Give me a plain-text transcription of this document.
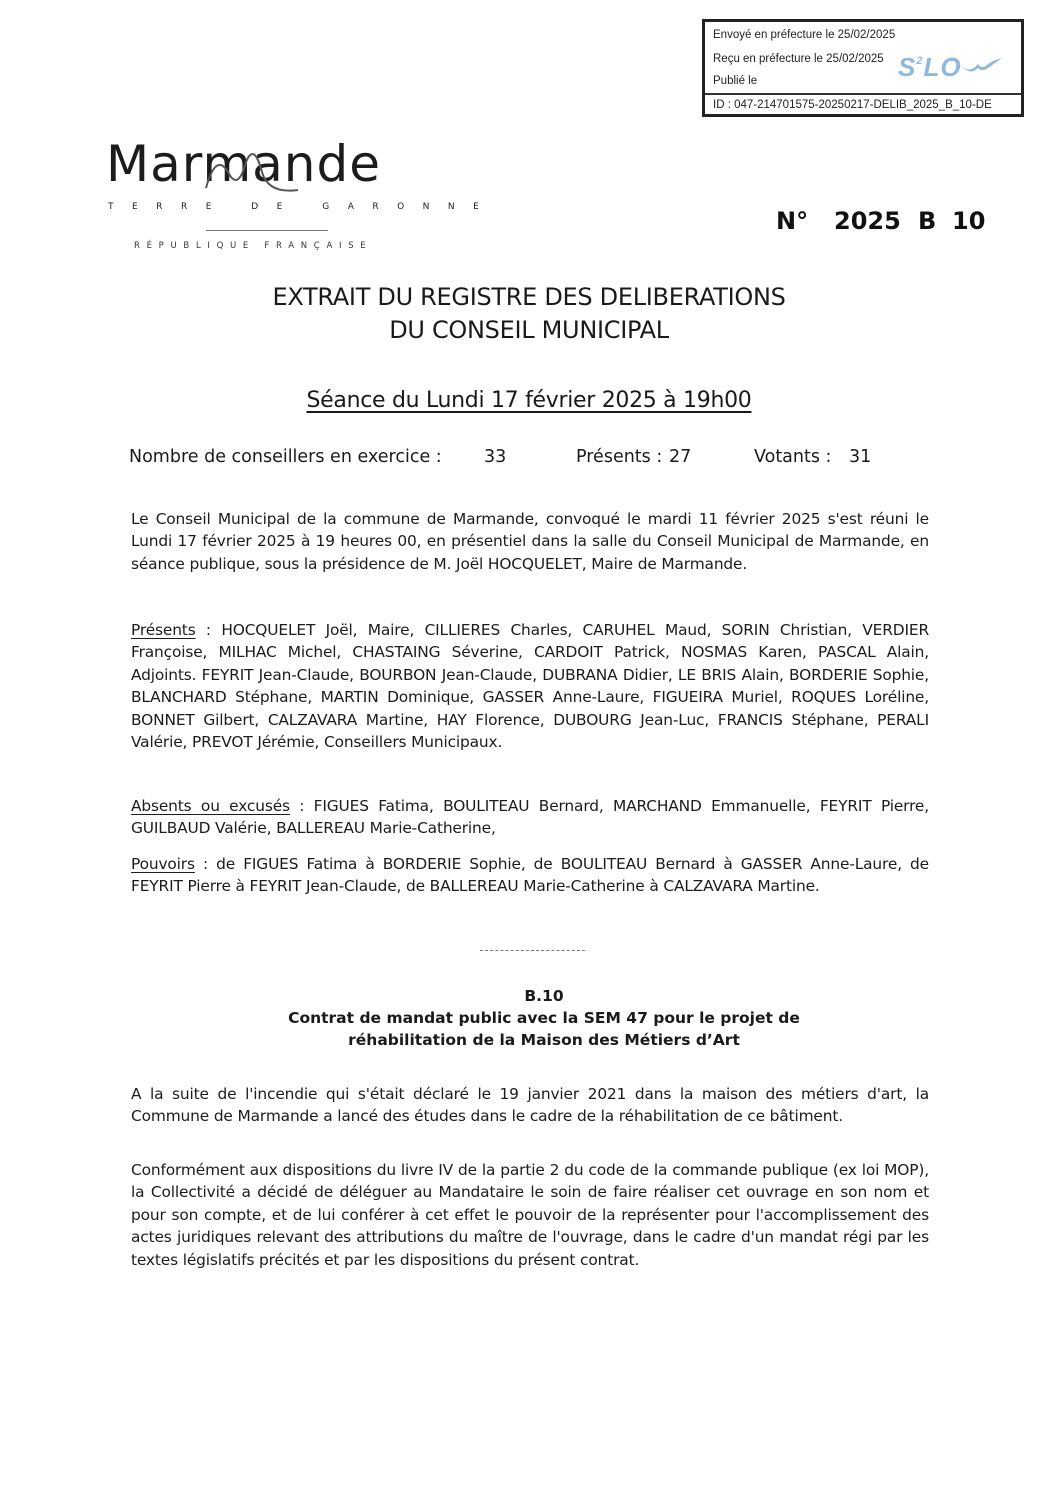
Envoyé en préfecture le 25/02/2025
Reçu en préfecture le 25/02/2025
Publié le
ID : 047-214701575-20250217-DELIB_2025_B_10-DE
$S^2LO$
Marmande
TERRE DE GARONNE
RÉPUBLIQUE FRANÇAISE
N° 2025 B 10
EXTRAIT DU REGISTRE DES DELIBERATIONS
DU CONSEIL MUNICIPAL
Séance du Lundi 17 février 2025 à 19h00
Nombre de conseillers en exercice : 33	Présents : 27	Votants : 31
Le Conseil Municipal de la commune de Marmande, convoqué le mardi 11 février 2025 s'est réuni le Lundi 17 février 2025 à 19 heures 00, en présentiel dans la salle du Conseil Municipal de Marmande, en séance publique, sous la présidence de M. Joël HOCQUELET, Maire de Marmande.
Présents : HOCQUELET Joël, Maire, CILLIERES Charles, CARUHEL Maud, SORIN Christian, VERDIER Françoise, MILHAC Michel, CHASTAING Séverine, CARDOIT Patrick, NOSMAS Karen, PASCAL Alain, Adjoints. FEYRIT Jean-Claude, BOURBON Jean-Claude, DUBRANA Didier, LE BRIS Alain, BORDERIE Sophie, BLANCHARD Stéphane, MARTIN Dominique, GASSER Anne-Laure, FIGUEIRA Muriel, ROQUES Loréline, BONNET Gilbert, CALZAVARA Martine, HAY Florence, DUBOURG Jean-Luc, FRANCIS Stéphane, PERALI Valérie, PREVOT Jérémie, Conseillers Municipaux.
Absents ou excusés : FIGUES Fatima, BOULITEAU Bernard, MARCHAND Emmanuelle, FEYRIT Pierre, GUILBAUD Valérie, BALLEREAU Marie-Catherine,
Pouvoirs : de FIGUES Fatima à BORDERIE Sophie, de BOULITEAU Bernard à GASSER Anne-Laure, de FEYRIT Pierre à FEYRIT Jean-Claude, de BALLEREAU Marie-Catherine à CALZAVARA Martine.
B.10
Contrat de mandat public avec la SEM 47 pour le projet de
réhabilitation de la Maison des Métiers d’Art
A la suite de l'incendie qui s'était déclaré le 19 janvier 2021 dans la maison des métiers d'art, la Commune de Marmande a lancé des études dans le cadre de la réhabilitation de ce bâtiment.
Conformément aux dispositions du livre IV de la partie 2 du code de la commande publique (ex loi MOP), la Collectivité a décidé de déléguer au Mandataire le soin de faire réaliser cet ouvrage en son nom et pour son compte, et de lui conférer à cet effet le pouvoir de la représenter pour l'accomplissement des actes juridiques relevant des attributions du maître de l'ouvrage, dans le cadre d'un mandat régi par les textes législatifs précités et par les dispositions du présent contrat.
